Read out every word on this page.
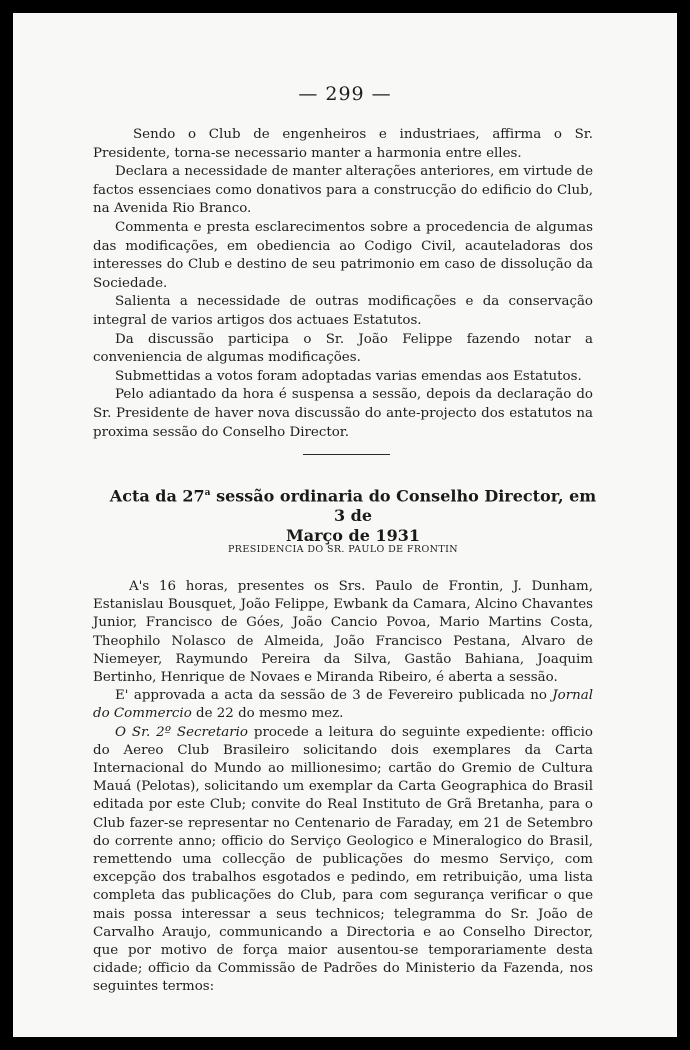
— 299 —

Sendo o Club de engenheiros e industriaes, affirma o Sr. Presidente, torna-se necessario manter a harmonia entre elles.

Declara a necessidade de manter alterações anteriores, em virtude de factos essenciaes como donativos para a construcção do edificio do Club, na Avenida Rio Branco.

Commenta e presta esclarecimentos sobre a procedencia de algumas das modificações, em obediencia ao Codigo Civil, acauteladoras dos interesses do Club e destino de seu patrimonio em caso de dissolução da Sociedade.

Salienta a necessidade de outras modificações e da conservação integral de varios artigos dos actuaes Estatutos.

Da discussão participa o Sr. João Felippe fazendo notar a conveniencia de algumas modificações.

Submettidas a votos foram adoptadas varias emendas aos Estatutos.

Pelo adiantado da hora é suspensa a sessão, depois da declaração do Sr. Presidente de haver nova discussão do ante-projecto dos estatutos na proxima sessão do Conselho Director.

Acta da 27$^a$ sessão ordinaria do Conselho Director, em 3 de
Março de 1931
PRESIDENCIA DO SR. PAULO DE FRONTIN

A's 16 horas, presentes os Srs. Paulo de Frontin, J. Dunham, Estanislau Bousquet, João Felippe, Ewbank da Camara, Alcino Chavantes Junior, Francisco de Góes, João Cancio Povoa, Mario Martins Costa, Theophilo Nolasco de Almeida, João Francisco Pestana, Alvaro de Niemeyer, Raymundo Pereira da Silva, Gastão Bahiana, Joaquim Bertinho, Henrique de Novaes e Miranda Ribeiro, é aberta a sessão.

E' approvada a acta da sessão de 3 de Fevereiro publicada no Jornal do Commercio de 22 do mesmo mez.

O Sr. 2º Secretario procede a leitura do seguinte expediente: officio do Aereo Club Brasileiro solicitando dois exemplares da Carta Internacional do Mundo ao millionesimo; cartão do Gremio de Cultura Mauá (Pelotas), solicitando um exemplar da Carta Geographica do Brasil editada por este Club; convite do Real Instituto de Grã Bretanha, para o Club fazer-se representar no Centenario de Faraday, em 21 de Setembro do corrente anno; officio do Serviço Geologico e Mineralogico do Brasil, remettendo uma collecção de publicações do mesmo Serviço, com excepção dos trabalhos esgotados e pedindo, em retribuição, uma lista completa das publicações do Club, para com segurança verificar o que mais possa interessar a seus technicos; telegramma do Sr. João de Carvalho Araujo, communicando a Directoria e ao Conselho Director, que por motivo de força maior ausentou-se temporariamente desta cidade; officio da Commissão de Padrões do Ministerio da Fazenda, nos seguintes termos:
